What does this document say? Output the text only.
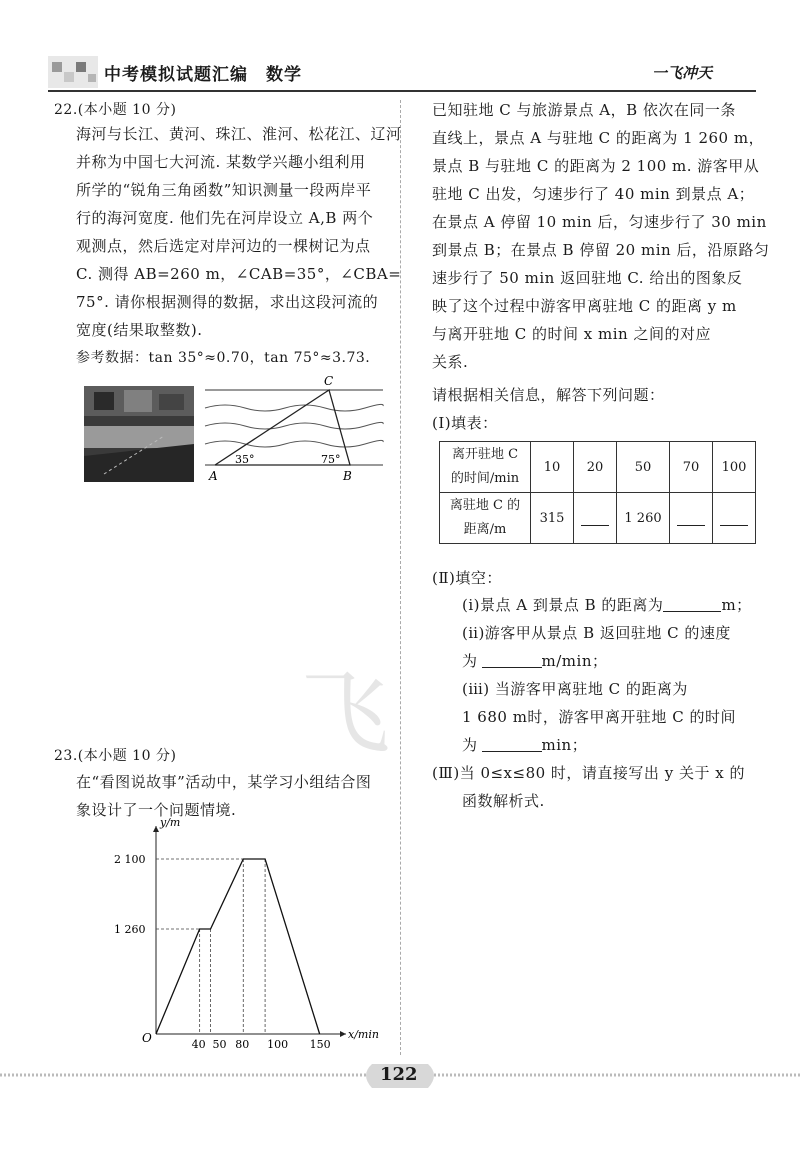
中考模拟试题汇编　数学	一飞冲天
飞
22.(本小题 10 分)
海河与长江、黄河、珠江、淮河、松花江、辽河
并称为中国七大河流. 某数学兴趣小组利用
所学的“锐角三角函数”知识测量一段两岸平
行的海河宽度. 他们先在河岸设立 A,B 两个
观测点，然后选定对岸河边的一棵树记为点
C. 测得 AB=260 m，∠CAB=35°，∠CBA=
75°. 请你根据测得的数据，求出这段河流的
宽度(结果取整数).
参考数据：tan 35°≈0.70，tan 75°≈3.73.
C
A	B
35°	75°
23.(本小题 10 分)
在“看图说故事”活动中，某学习小组结合图
象设计了一个问题情境.
x/min
y/m
O	40 50 80 100 150
1 260
2 100
已知驻地 C 与旅游景点 A，B 依次在同一条
直线上，景点 A 与驻地 C 的距离为 1 260 m，
景点 B 与驻地 C 的距离为 2 100 m. 游客甲从
驻地 C 出发，匀速步行了 40 min 到景点 A；
在景点 A 停留 10 min 后，匀速步行了 30 min
到景点 B；在景点 B 停留 20 min 后，沿原路匀
速步行了 50 min 返回驻地 C. 给出的图象反
映了这个过程中游客甲离驻地 C 的距离 y m
与离开驻地 C 的时间 x min 之间的对应
关系.
请根据相关信息，解答下列问题：
(Ⅰ)填表：
离开驻地 C
的时间/min	10	20	50	70	100

离驻地 C 的
距离/m	315		1 260		
(Ⅱ)填空：
(ⅰ)景点 A 到景点 B 的距离为	m；
(ⅱ)游客甲从景点 B 返回驻地 C 的速度
为	m/min；
(ⅲ) 当游客甲离驻地 C 的距离为
1 680 m时，游客甲离开驻地 C 的时间
为	min；
(Ⅲ)当 0≤x≤80 时，请直接写出 y 关于 x 的
函数解析式.
122
